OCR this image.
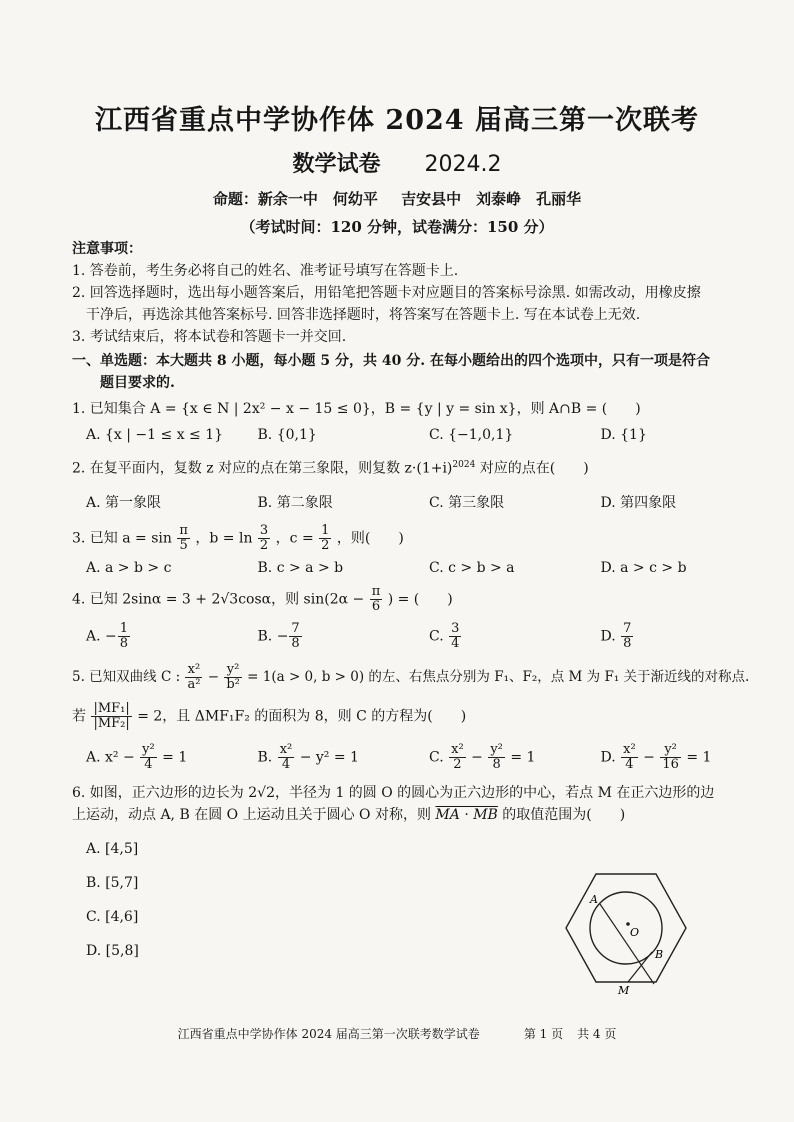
江西省重点中学协作体 2024 届高三第一次联考
数学试卷 2024.2
命题：新余一中　何幼平 吉安县中　刘泰峥　孔丽华
（考试时间：120 分钟，试卷满分：150 分）
注意事项：
1. 答卷前，考生务必将自己的姓名、准考证号填写在答题卡上.
2. 回答选择题时，选出每小题答案后，用铅笔把答题卡对应题目的答案标号涂黑. 如需改动，用橡皮擦
干净后，再选涂其他答案标号. 回答非选择题时，将答案写在答题卡上. 写在本试卷上无效.
3. 考试结束后，将本试卷和答题卡一并交回.
一、单选题：本大题共 8 小题，每小题 5 分，共 40 分. 在每小题给出的四个选项中，只有一项是符合
题目要求的.
1. 已知集合 A = {x ∈ N | 2x² − x − 15 ≤ 0}，B = {y | y = sin x}，则 A∩B = (　　)
A. {x | −1 ≤ x ≤ 1}	B. {0,1}	C. {−1,0,1}	D. {1}
2. 在复平面内，复数 z 对应的点在第三象限，则复数 $z\cdot(1+i)^{2024}$ 对应的点在(　　)
A. 第一象限	B. 第二象限	C. 第三象限	D. 第四象限
3. 已知 $a = \sin \frac{\pi}{5}$ ，$b = \ln \frac{3}{2}$ ，$c = \frac{1}{2}$ ，则(　　)
A. a > b > c	B. c > a > b	C. c > b > a	D. a > c > b
4. 已知 2sinα = 3 + 2√3cosα，则 $\sin(2\alpha - \frac{\pi}{6}$ ) = (　　)
A. − $\frac{1}{8}$	B. − $\frac{7}{8}$	C. $\frac{3}{4}$	D. $\frac{7}{8}$
5. 已知双曲线 C : $\frac{\text{x²}}{\text{a²}} - \frac{\text{y²}}{\text{b²}} = 1(a > 0$, b > 0) 的左、右焦点分别为 F₁、F₂，点 M 为 F₁ 关于渐近线的对称点.
若 $\frac{\text{|MF₁|}}{\text{|MF₂|}} = 2$，且 ΔMF₁F₂ 的面积为 8，则 C 的方程为(　　)
A. $x^2 - \frac{\text{y²}}{4} = 1$	B. $\frac{\text{x²}}{4} - y^2 = 1$	C. $\frac{\text{x²}}{2} - \frac{\text{y²}}{8} = 1$	D. $\frac{\text{x²}}{4} - \frac{\text{y²}}{16} = 1$
6. 如图，正六边形的边长为 2√2，半径为 1 的圆 O 的圆心为正六边形的中心，若点 M 在正六边形的边
上运动，动点 A, B 在圆 O 上运动且关于圆心 O 对称，则 MA · MB 的取值范围为(　　)
A. [4,5]
B. [5,7]
C. [4,6]
D. [5,8]
A
O
B
M
江西省重点中学协作体 2024 届高三第一次联考数学试卷	第 1 页 共 4 页
